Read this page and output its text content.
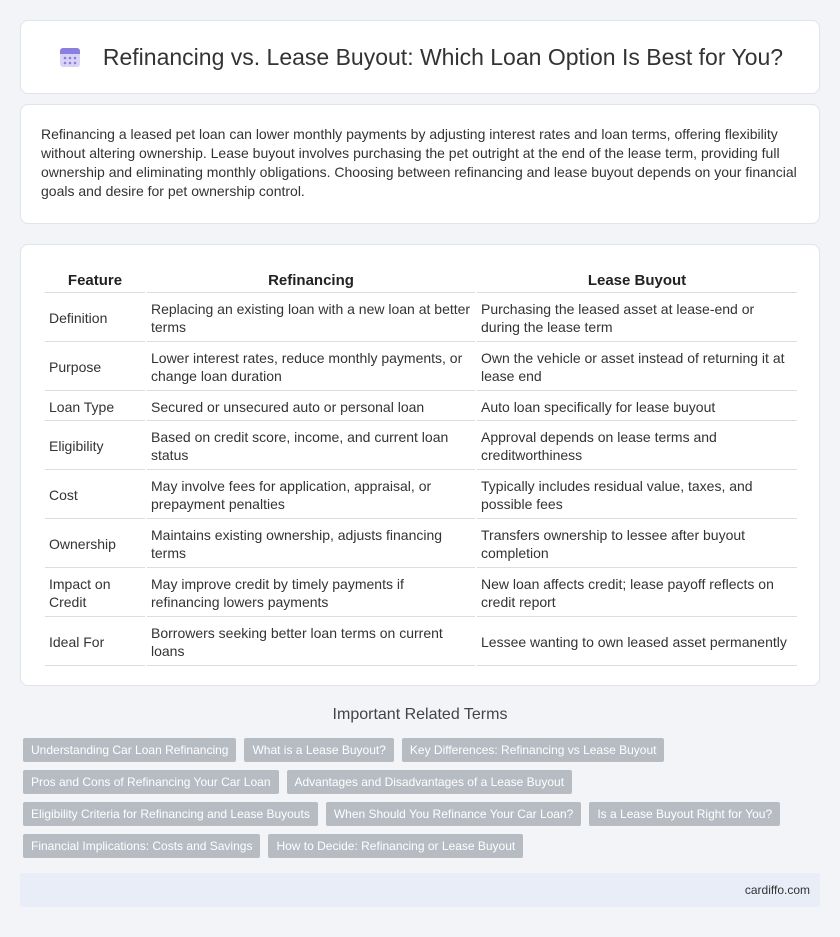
Refinancing vs. Lease Buyout: Which Loan Option Is Best for You?

Refinancing a leased pet loan can lower monthly payments by adjusting interest rates and loan terms, offering flexibility without altering ownership. Lease buyout involves purchasing the pet outright at the end of the lease term, providing full ownership and eliminating monthly obligations. Choosing between refinancing and lease buyout depends on your financial goals and desire for pet ownership control.

Feature	Refinancing	Lease Buyout
Definition	Replacing an existing loan with a new loan at better terms	Purchasing the leased asset at lease-end or during the lease term
Purpose	Lower interest rates, reduce monthly payments, or change loan duration	Own the vehicle or asset instead of returning it at lease end
Loan Type	Secured or unsecured auto or personal loan	Auto loan specifically for lease buyout
Eligibility	Based on credit score, income, and current loan status	Approval depends on lease terms and creditworthiness
Cost	May involve fees for application, appraisal, or prepayment penalties	Typically includes residual value, taxes, and possible fees
Ownership	Maintains existing ownership, adjusts financing terms	Transfers ownership to lessee after buyout completion
Impact on Credit	May improve credit by timely payments if refinancing lowers payments	New loan affects credit; lease payoff reflects on credit report
Ideal For	Borrowers seeking better loan terms on current loans	Lessee wanting to own leased asset permanently
Important Related Terms
Understanding Car Loan Refinancing	What is a Lease Buyout?	Key Differences: Refinancing vs Lease Buyout
Pros and Cons of Refinancing Your Car Loan	Advantages and Disadvantages of a Lease Buyout
Eligibility Criteria for Refinancing and Lease Buyouts	When Should You Refinance Your Car Loan?	Is a Lease Buyout Right for You?
Financial Implications: Costs and Savings	How to Decide: Refinancing or Lease Buyout
cardiffo.com
